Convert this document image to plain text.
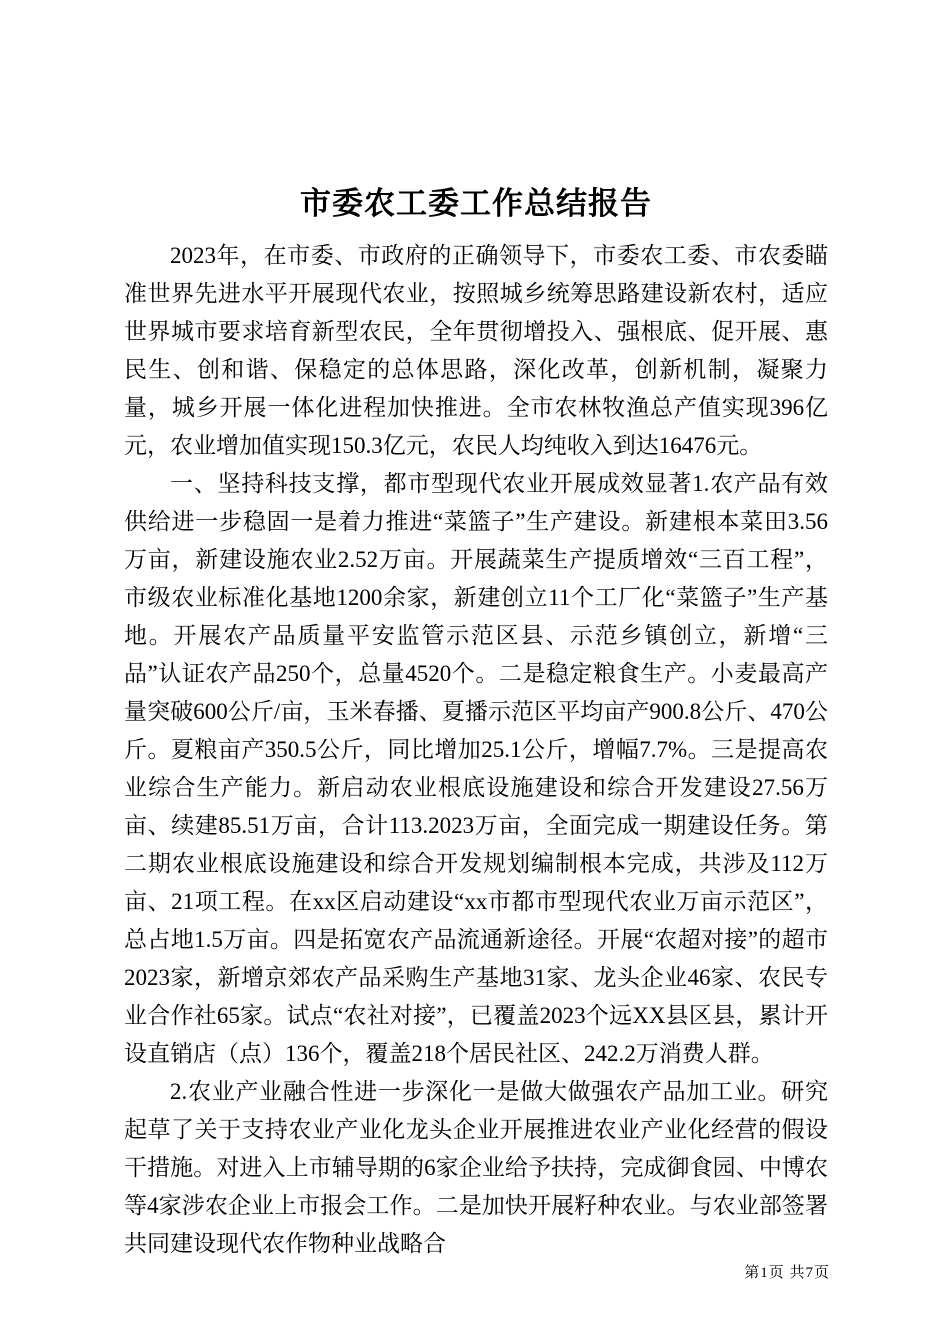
市委农工委工作总结报告

2023年，在市委、市政府的正确领导下，市委农工委、市农委瞄准世界先进水平开展现代农业，按照城乡统筹思路建设新农村，适应世界城市要求培育新型农民，全年贯彻增投入、强根底、促开展、惠民生、创和谐、保稳定的总体思路，深化改革，创新机制，凝聚力量，城乡开展一体化进程加快推进。全市农林牧渔总产值实现396亿元，农业增加值实现150.3亿元，农民人均纯收入到达16476元。

一、坚持科技支撑，都市型现代农业开展成效显著1.农产品有效供给进一步稳固一是着力推进“菜篮子”生产建设。新建根本菜田3.56万亩，新建设施农业2.52万亩。开展蔬菜生产提质增效“三百工程”，市级农业标准化基地1200余家，新建创立11个工厂化“菜篮子”生产基地。开展农产品质量平安监管示范区县、示范乡镇创立，新增“三品”认证农产品250个，总量4520个。二是稳定粮食生产。小麦最高产量突破600公斤/亩，玉米春播、夏播示范区平均亩产900.8公斤、470公斤。夏粮亩产350.5公斤，同比增加25.1公斤，增幅7.7%。三是提高农业综合生产能力。新启动农业根底设施建设和综合开发建设27.56万亩、续建85.51万亩，合计113.2023万亩，全面完成一期建设任务。第二期农业根底设施建设和综合开发规划编制根本完成，共涉及112万亩、21项工程。在xx区启动建设“xx市都市型现代农业万亩示范区”，总占地1.5万亩。四是拓宽农产品流通新途径。开展“农超对接”的超市2023家，新增京郊农产品采购生产基地31家、龙头企业46家、农民专业合作社65家。试点“农社对接”，已覆盖2023个远XX县区县，累计开设直销店（点）136个，覆盖218个居民社区、242.2万消费人群。

2.农业产业融合性进一步深化一是做大做强农产品加工业。研究起草了关于支持农业产业化龙头企业开展推进农业产业化经营的假设干措施。对进入上市辅导期的6家企业给予扶持，完成御食园、中博农等4家涉农企业上市报会工作。二是加快开展籽种农业。与农业部签署共同建设现代农作物种业战略合

第1页 共7页
